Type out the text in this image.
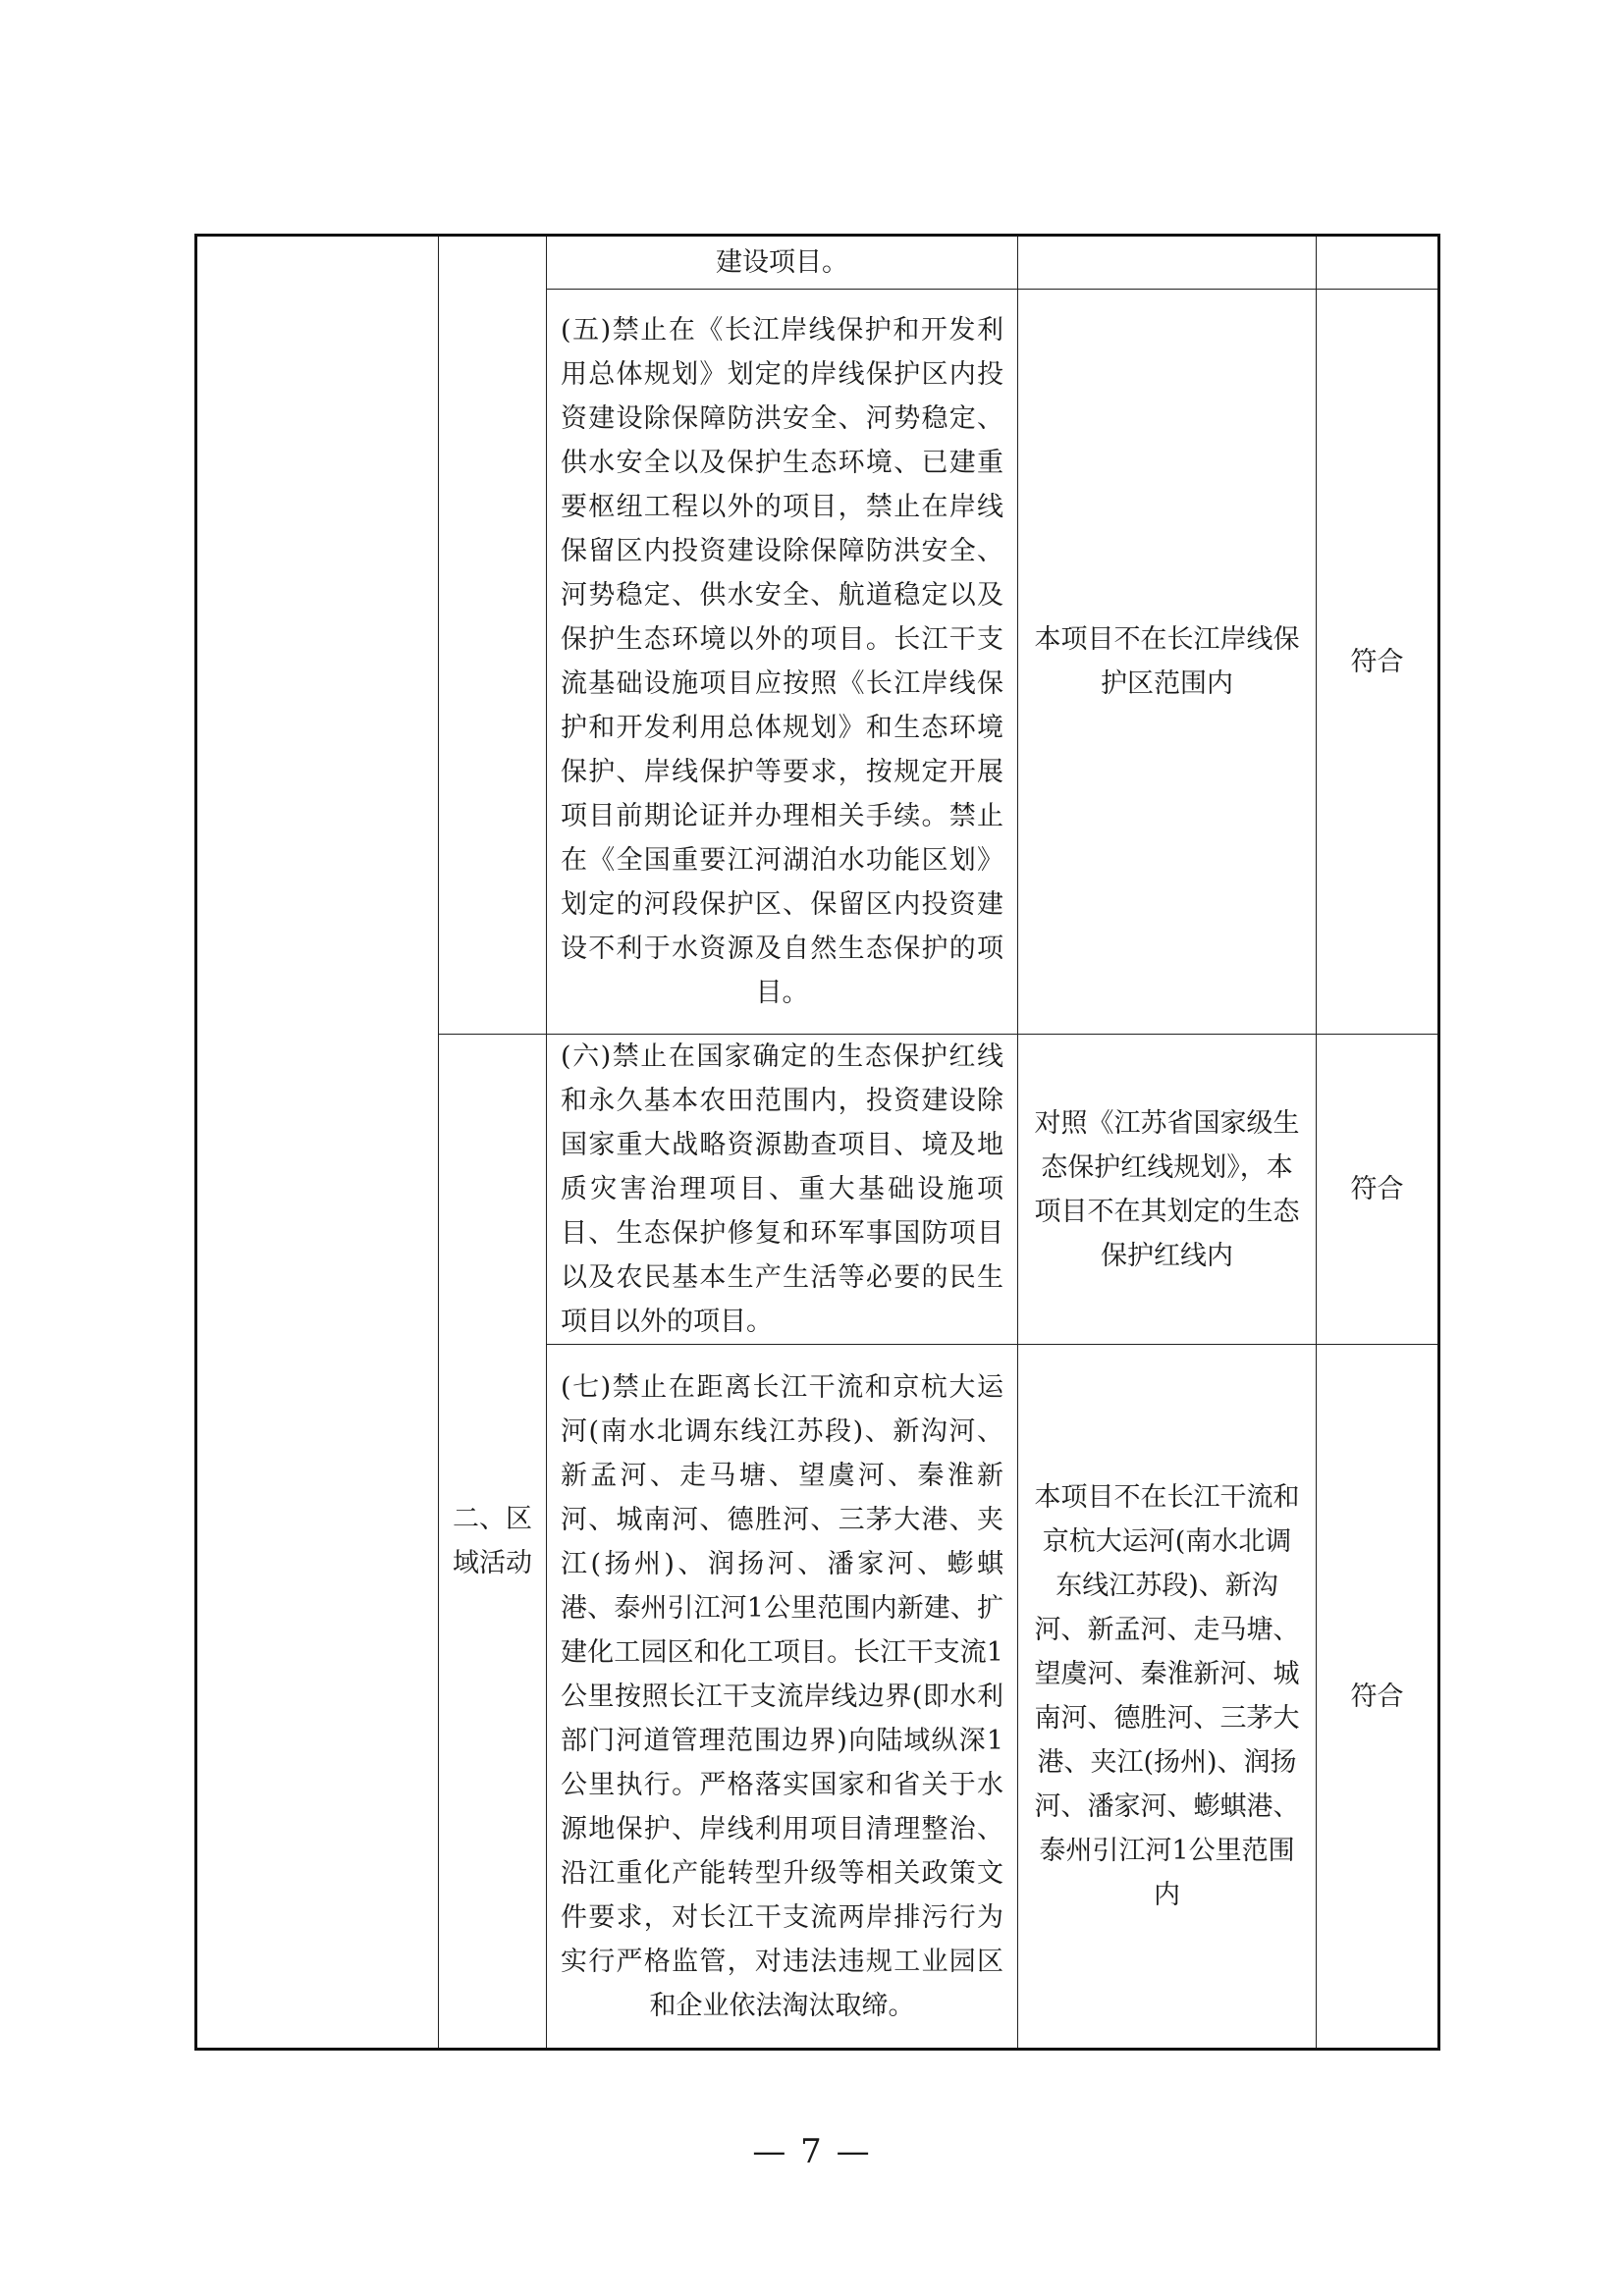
		建设项目。		
		(五)禁止在《长江岸线保护和开发利用总体规划》划定的岸线保护区内投资建设除保障防洪安全、河势稳定、供水安全以及保护生态环境、已建重要枢纽工程以外的项目，禁止在岸线保留区内投资建设除保障防洪安全、河势稳定、供水安全、航道稳定以及保护生态环境以外的项目。长江干支流基础设施项目应按照《长江岸线保护和开发利用总体规划》和生态环境保护、岸线保护等要求，按规定开展项目前期论证并办理相关手续。禁止在《全国重要江河湖泊水功能区划》划定的河段保护区、保留区内投资建设不利于水资源及自然生态保护的项目。	本项目不在长江岸线保护区范围内	符合
	二、区域活动	(六)禁止在国家确定的生态保护红线和永久基本农田范围内，投资建设除国家重大战略资源勘查项目、境及地质灾害治理项目、重大基础设施项目、生态保护修复和环军事国防项目以及农民基本生产生活等必要的民生项目以外的项目。	对照《江苏省国家级生态保护红线规划》，本项目不在其划定的生态保护红线内	符合
		(七)禁止在距离长江干流和京杭大运河(南水北调东线江苏段)、新沟河、新孟河、走马塘、望虞河、秦淮新河、城南河、德胜河、三茅大港、夹江(扬州)、润扬河、潘家河、蟛蜞港、泰州引江河1公里范围内新建、扩建化工园区和化工项目。长江干支流1公里按照长江干支流岸线边界(即水利部门河道管理范围边界)向陆域纵深1公里执行。严格落实国家和省关于水源地保护、岸线利用项目清理整治、沿江重化产能转型升级等相关政策文件要求，对长江干支流两岸排污行为实行严格监管，对违法违规工业园区和企业依法淘汰取缔。	本项目不在长江干流和京杭大运河(南水北调东线江苏段)、新沟河、新孟河、走马塘、望虞河、秦淮新河、城南河、德胜河、三茅大港、夹江(扬州)、润扬河、潘家河、蟛蜞港、泰州引江河1公里范围内	符合
— 7 —
